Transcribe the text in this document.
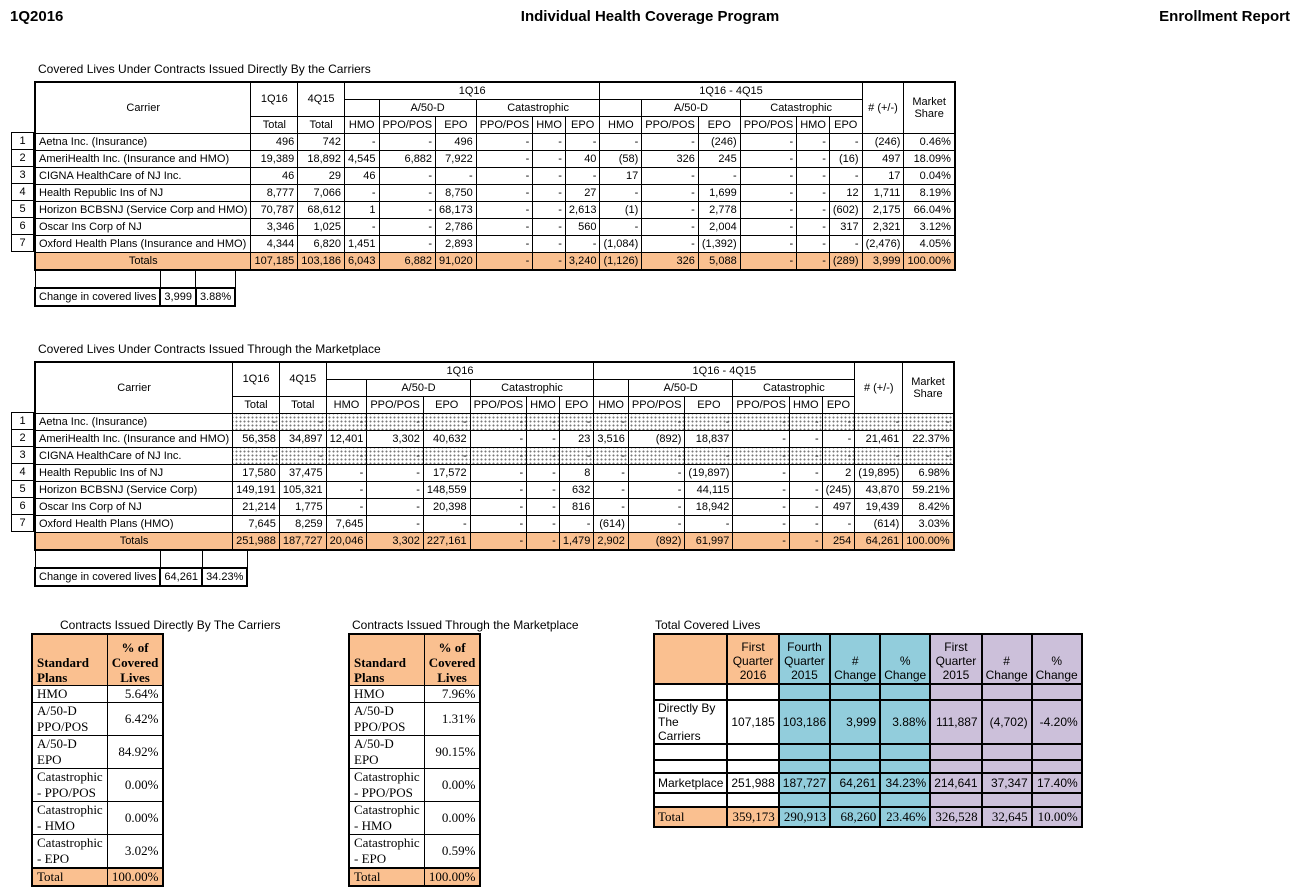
1Q2016	Individual Health Coverage Program	Enrollment Report
Covered Lives Under Contracts Issued Directly By the Carriers
Carrier	1Q16	4Q15	1Q16						1Q16 - 4Q15						# (+/-)	Market
Share

				A/50-D		Catastrophic				A/50-D		Catastrophic				
	Total	Total	HMO	PPO/POS	EPO	PPO/POS	HMO	EPO	HMO	PPO/POS	EPO	PPO/POS	HMO	EPO		
Aetna Inc. (Insurance)	496	742	-	-	496	-	-	-	-	-	(246)	-	-	-	(246)	0.46%
AmeriHealth Inc. (Insurance and HMO)	19,389	18,892	4,545	6,882	7,922	-	-	40	(58)	326	245	-	-	(16)	497	18.09%
CIGNA HealthCare of NJ Inc.	46	29	46	-	-	-	-	-	17	-	-	-	-	-	17	0.04%
Health Republic Ins of NJ	8,777	7,066	-	-	8,750	-	-	27	-	-	1,699	-	-	12	1,711	8.19%
Horizon BCBSNJ (Service Corp and HMO)	70,787	68,612	1	-	68,173	-	-	2,613	(1)	-	2,778	-	-	(602)	2,175	66.04%
Oscar Ins Corp of NJ	3,346	1,025	-	-	2,786	-	-	560	-	-	2,004	-	-	317	2,321	3.12%
Oxford Health Plans (Insurance and HMO)	4,344	6,820	1,451	-	2,893	-	-	-	(1,084)	-	(1,392)	-	-	-	(2,476)	4.05%
Totals	107,185	103,186	6,043	6,882	91,020	-	-	3,240	(1,126)	326	5,088	-	-	(289)	3,999	100.00%
1
2
3
4
5
6
7

Change in covered lives	3,999	3.88%
Covered Lives Under Contracts Issued Through the Marketplace
Carrier	1Q16	4Q15	1Q16						1Q16 - 4Q15						# (+/-)	Market
Share

				A/50-D		Catastrophic				A/50-D		Catastrophic				
	Total	Total	HMO	PPO/POS	EPO	PPO/POS	HMO	EPO	HMO	PPO/POS	EPO	PPO/POS	HMO	EPO		
Aetna Inc. (Insurance)	-	-	-	-	-	-	-	-	-	-	-	-	-	-	-	-
AmeriHealth Inc. (Insurance and HMO)	56,358	34,897	12,401	3,302	40,632	-	-	23	3,516	(892)	18,837	-	-	-	21,461	22.37%
CIGNA HealthCare of NJ Inc.	-	-	-	-	-	-	-	-	-	-	-	-	-	-	-	-
Health Republic Ins of NJ	17,580	37,475	-	-	17,572	-	-	8	-	-	(19,897)	-	-	2	(19,895)	6.98%
Horizon BCBSNJ (Service Corp)	149,191	105,321	-	-	148,559	-	-	632	-	-	44,115	-	-	(245)	43,870	59.21%
Oscar Ins Corp of NJ	21,214	1,775	-	-	20,398	-	-	816	-	-	18,942	-	-	497	19,439	8.42%
Oxford Health Plans (HMO)	7,645	8,259	7,645	-	-	-	-	-	(614)	-	-	-	-	-	(614)	3.03%
Totals	251,988	187,727	20,046	3,302	227,161	-	-	1,479	2,902	(892)	61,997	-	-	254	64,261	100.00%
1
2
3
4
5
6
7

Change in covered lives	64,261	34.23%
Contracts Issued Directly By The Carriers
Standard Plans	% of Covered Lives
HMO	5.64%
A/50-D PPO/POS	6.42%
A/50-D EPO	84.92%
Catastrophic - PPO/POS	0.00%
Catastrophic - HMO	0.00%
Catastrophic - EPO	3.02%
Total	100.00%
Contracts Issued Through the Marketplace
Standard Plans	% of Covered Lives
HMO	7.96%
A/50-D PPO/POS	1.31%
A/50-D EPO	90.15%
Catastrophic - PPO/POS	0.00%
Catastrophic - HMO	0.00%
Catastrophic - EPO	0.59%
Total	100.00%
Total Covered Lives
	First Quarter 2016	Fourth Quarter 2015	# Change	% Change	First Quarter 2015	# Change	% Change

Directly By The Carriers	107,185	103,186	3,999	3.88%	111,887	(4,702)	-4.20%

Marketplace	251,988	187,727	64,261	34.23%	214,641	37,347	17.40%

Total	359,173	290,913	68,260	23.46%	326,528	32,645	10.00%
